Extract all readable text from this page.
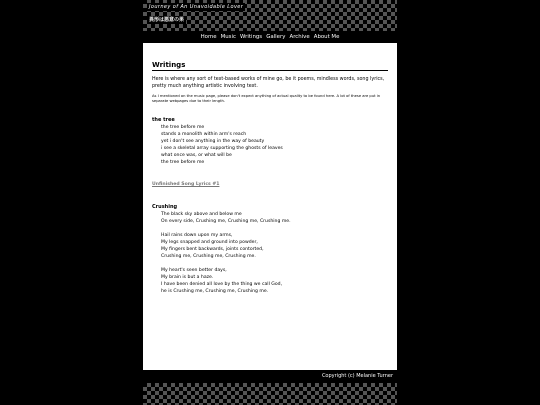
Journey of An Unavoidable Lover
異形は悪意の果
Home Music Writings Gallery Archive About Me
Writings

Here is where any sort of text-based works of mine go, be it poems, mindless words, song lyrics, pretty much anything artistic involving text.

As I mentioned on the music page, please don't expect anything of actual quality to be found here. A lot of these are put in separate webpages due to their length.

the tree
the tree before me
stands a monolith within arm's reach
yet i don't see anything in the way of beauty
i see a skeletal array supporting the ghosts of leaves
what once was, or what will be
the tree before me
Unfinished Song Lyrics #1
Crushing
The black sky above and below me
On every side, Crushing me, Crushing me, Crushing me.
Hail rains down upon my arms,
My legs snapped and ground into powder,
My fingers bent backwards, joints contorted,
Crushing me, Crushing me, Crushing me.
My heart's seen better days,
My brain is but a haze.
I have been denied all love by the thing we call God,
he is Crushing me, Crushing me, Crushing me.
Copyright (c) Melanie Turner
